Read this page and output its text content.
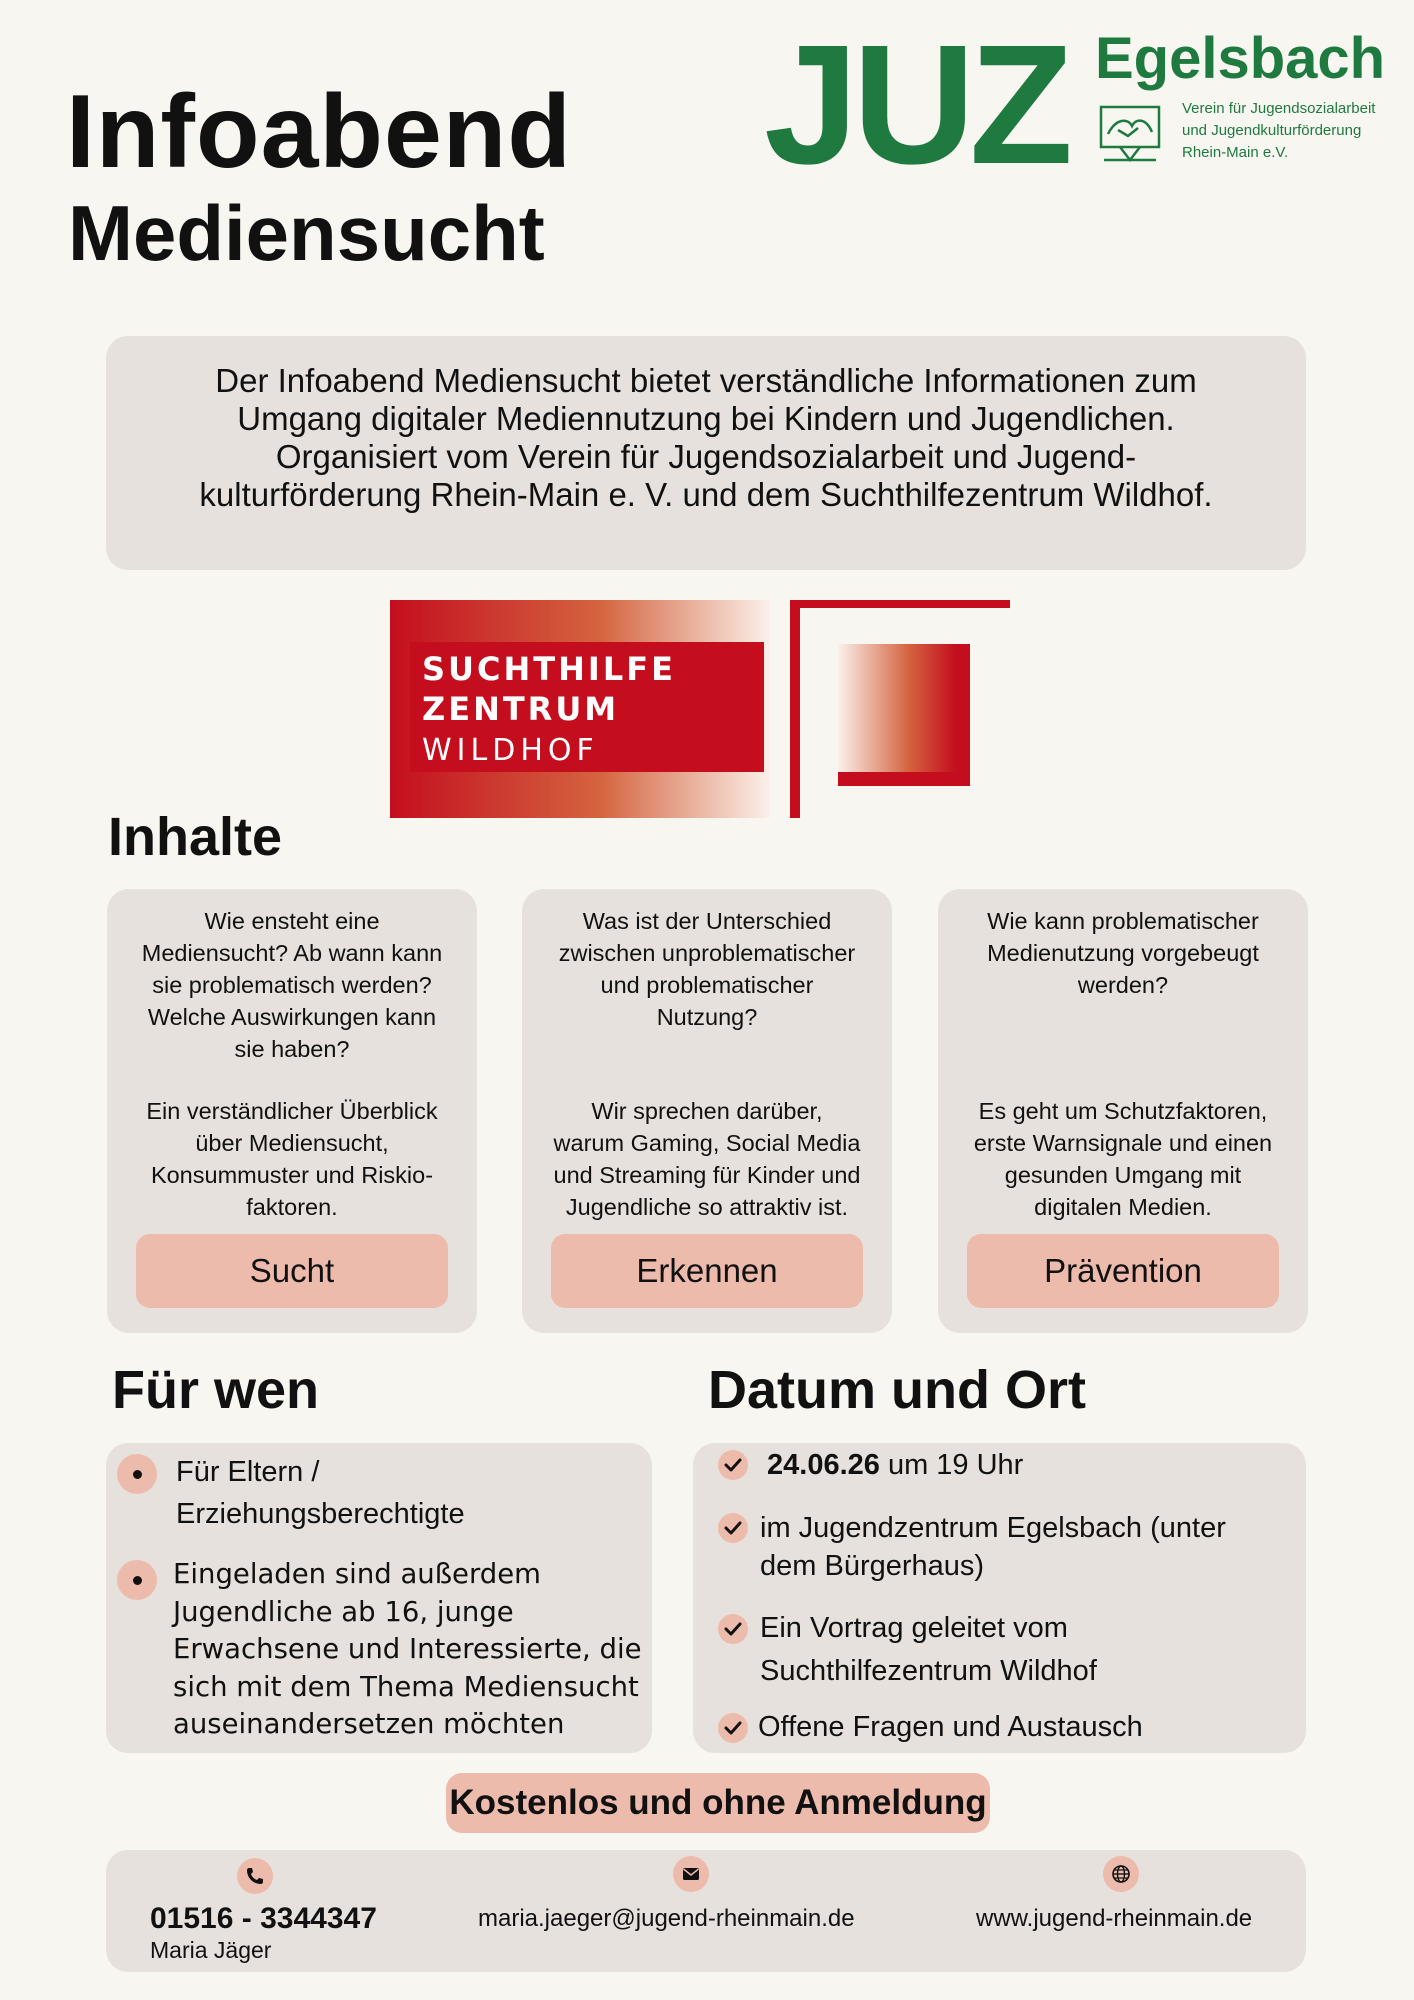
Infoabend
Mediensucht
JUZ Egelsbach
Verein für Jugendsozialarbeit
und Jugendkulturförderung
Rhein-Main e.V.
Der Infoabend Mediensucht bietet verständliche Informationen zum
Umgang digitaler Mediennutzung bei Kindern und Jugendlichen.
Organisiert vom Verein für Jugendsozialarbeit und Jugend-
kulturförderung Rhein-Main e. V. und dem Suchthilfezentrum Wildhof.
SUCHTHILFE
ZENTRUM
WILDHOF
Inhalte
Wie ensteht eine
Mediensucht? Ab wann kann
sie problematisch werden?
Welche Auswirkungen kann
sie haben?
Ein verständlicher Überblick
über Mediensucht,
Konsummuster und Riskio-
faktoren.
Sucht
Was ist der Unterschied
zwischen unproblematischer
und problematischer
Nutzung?
Wir sprechen darüber,
warum Gaming, Social Media
und Streaming für Kinder und
Jugendliche so attraktiv ist.
Erkennen
Wie kann problematischer
Medienutzung vorgebeugt
werden?
Es geht um Schutzfaktoren,
erste Warnsignale und einen
gesunden Umgang mit
digitalen Medien.
Prävention
Für wen
Für Eltern /
Erziehungsberechtigte
Eingeladen sind außerdem
Jugendliche ab 16, junge
Erwachsene und Interessierte, die
sich mit dem Thema Mediensucht
auseinandersetzen möchten
Datum und Ort
24.06.26 um 19 Uhr
im Jugendzentrum Egelsbach (unter
dem Bürgerhaus)
Ein Vortrag geleitet vom
Suchthilfezentrum Wildhof
Offene Fragen und Austausch
Kostenlos und ohne Anmeldung
01516 - 3344347
Maria Jäger
maria.jaeger@jugend-rheinmain.de	www.jugend-rheinmain.de
